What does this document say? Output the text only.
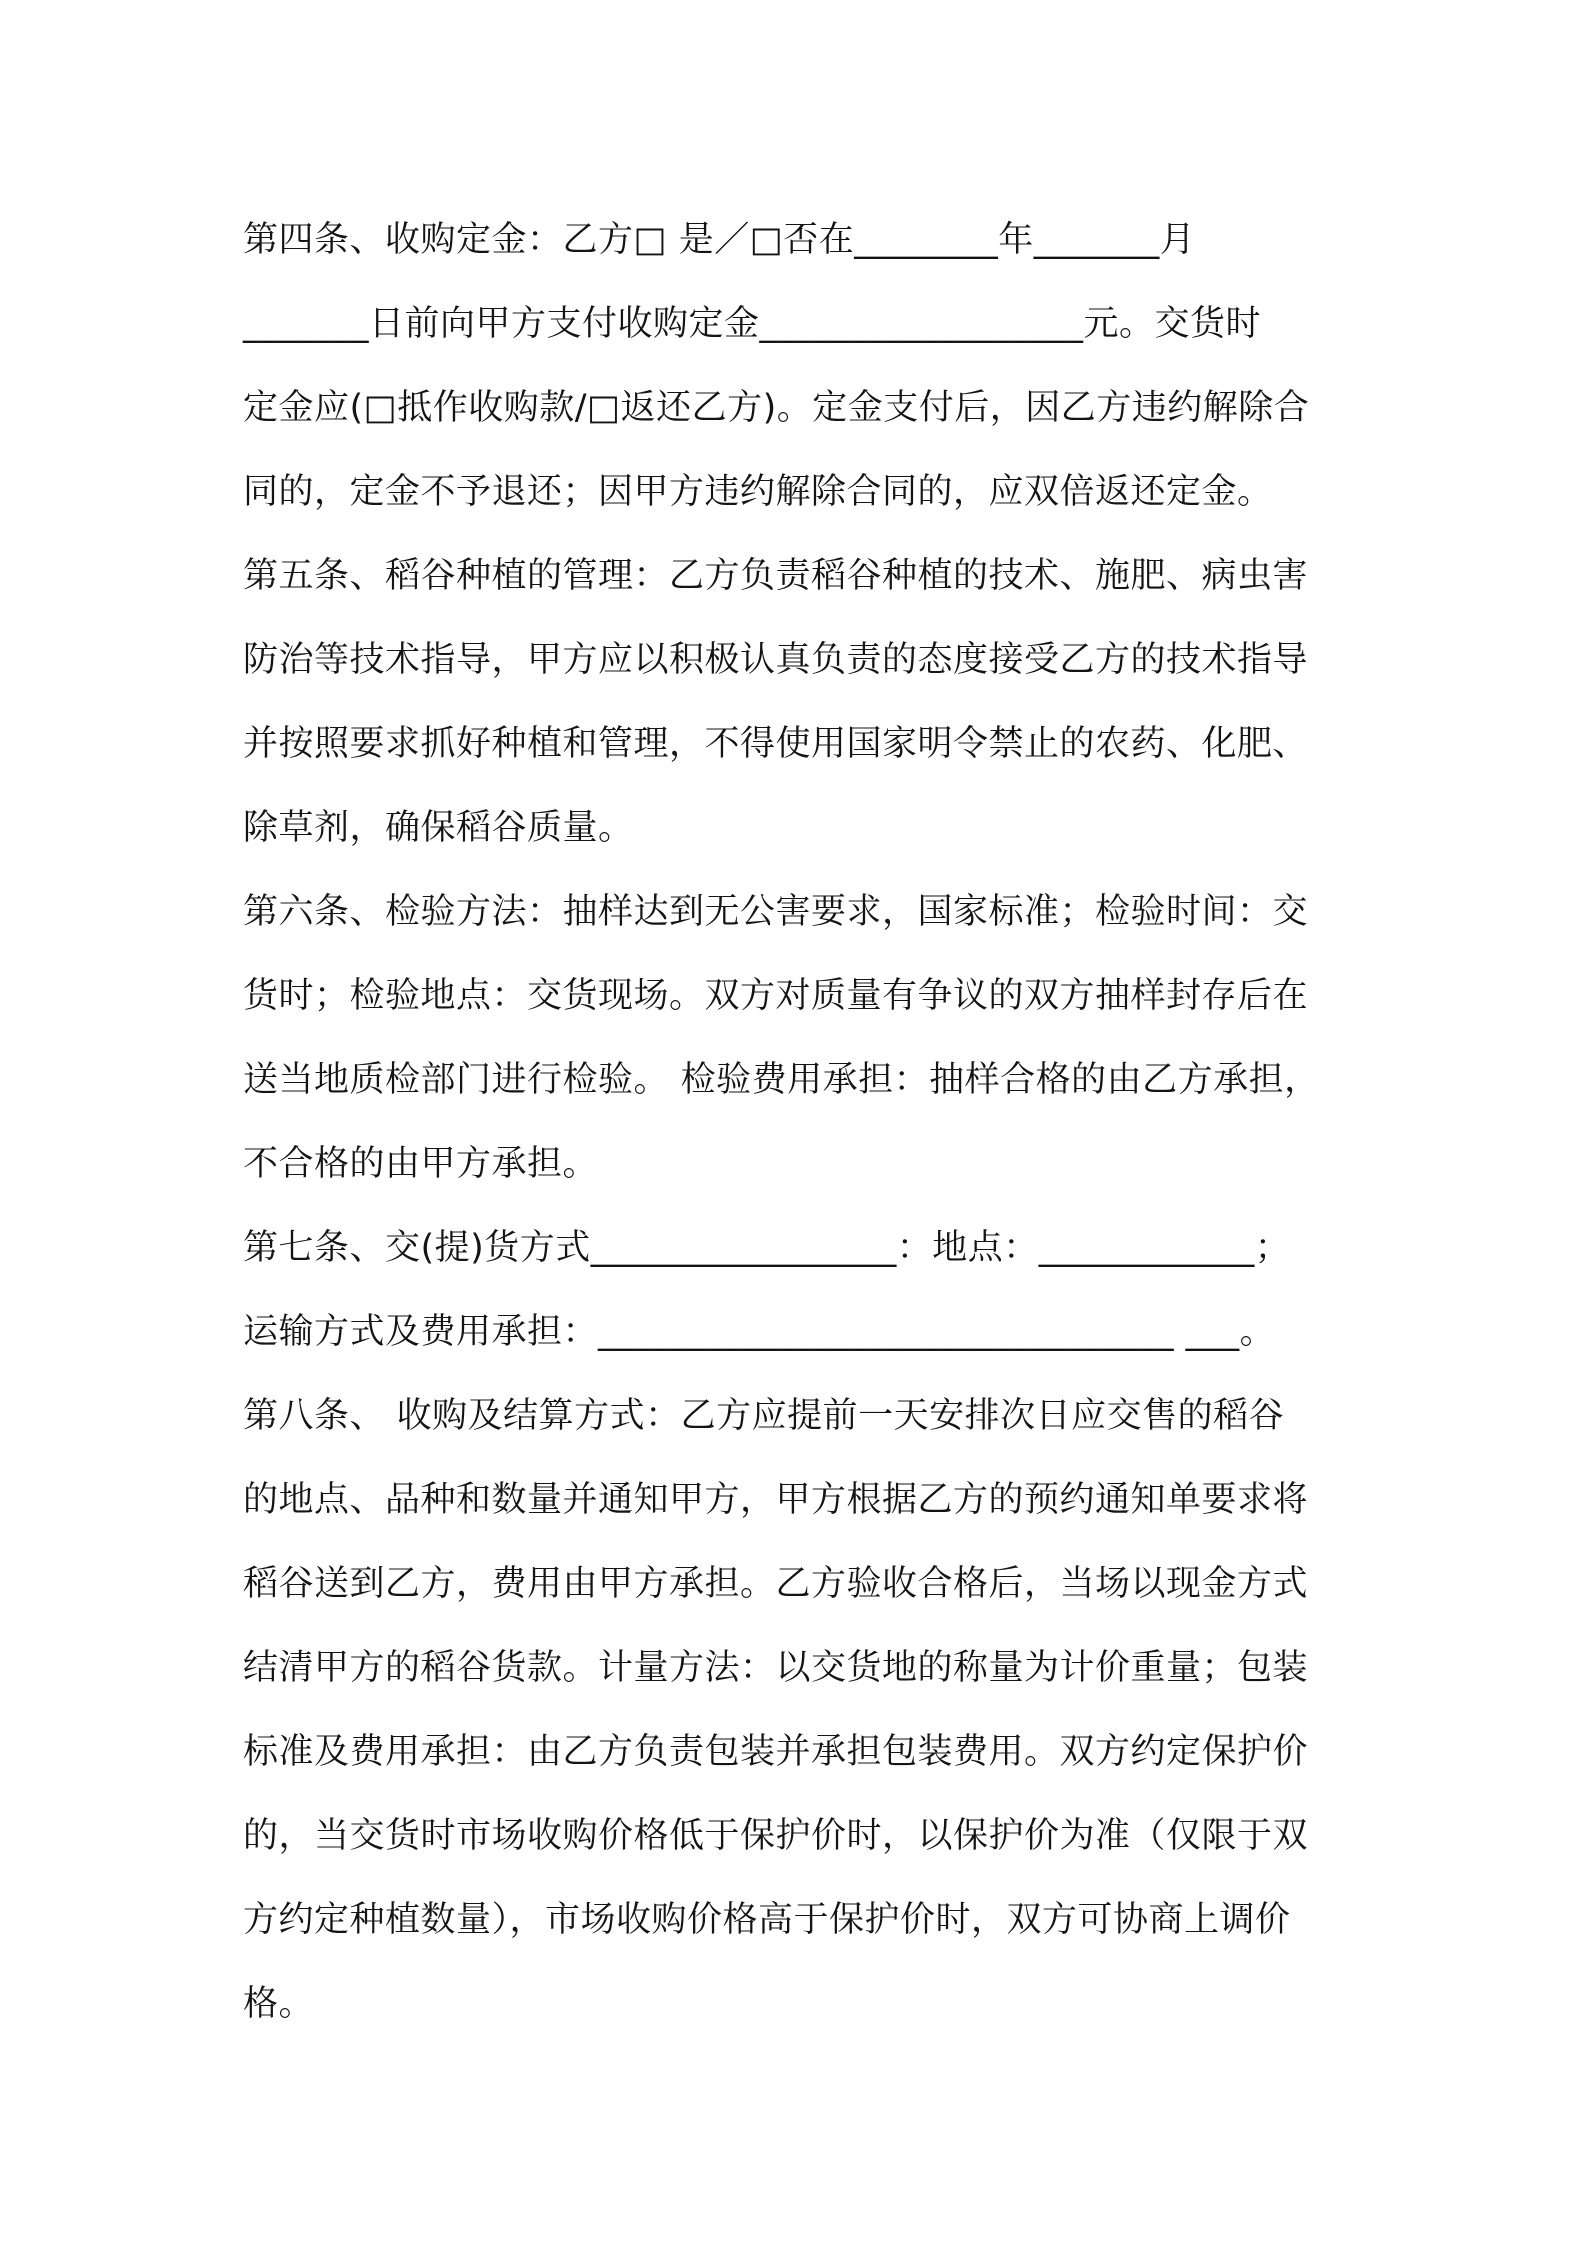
第四条、收购定金：乙方□ 是／□否在________年_______月
_______日前向甲方支付收购定金__________________元。交货时
定金应(□抵作收购款/□返还乙方)。定金支付后，因乙方违约解除合
同的，定金不予退还；因甲方违约解除合同的，应双倍返还定金。
第五条、稻谷种植的管理：乙方负责稻谷种植的技术、施肥、病虫害
防治等技术指导，甲方应以积极认真负责的态度接受乙方的技术指导
并按照要求抓好种植和管理，不得使用国家明令禁止的农药、化肥、
除草剂，确保稻谷质量。
第六条、检验方法：抽样达到无公害要求，国家标准；检验时间：交
货时；检验地点：交货现场。双方对质量有争议的双方抽样封存后在
送当地质检部门进行检验。 检验费用承担：抽样合格的由乙方承担，
不合格的由甲方承担。
第七条、交(提)货方式_________________：地点：____________；
运输方式及费用承担：________________________________ ___。
第八条、 收购及结算方式：乙方应提前一天安排次日应交售的稻谷
的地点、品种和数量并通知甲方，甲方根据乙方的预约通知单要求将
稻谷送到乙方，费用由甲方承担。乙方验收合格后，当场以现金方式
结清甲方的稻谷货款。计量方法：以交货地的称量为计价重量；包装
标准及费用承担：由乙方负责包装并承担包装费用。双方约定保护价
的，当交货时市场收购价格低于保护价时，以保护价为准（仅限于双
方约定种植数量），市场收购价格高于保护价时，双方可协商上调价
格。
